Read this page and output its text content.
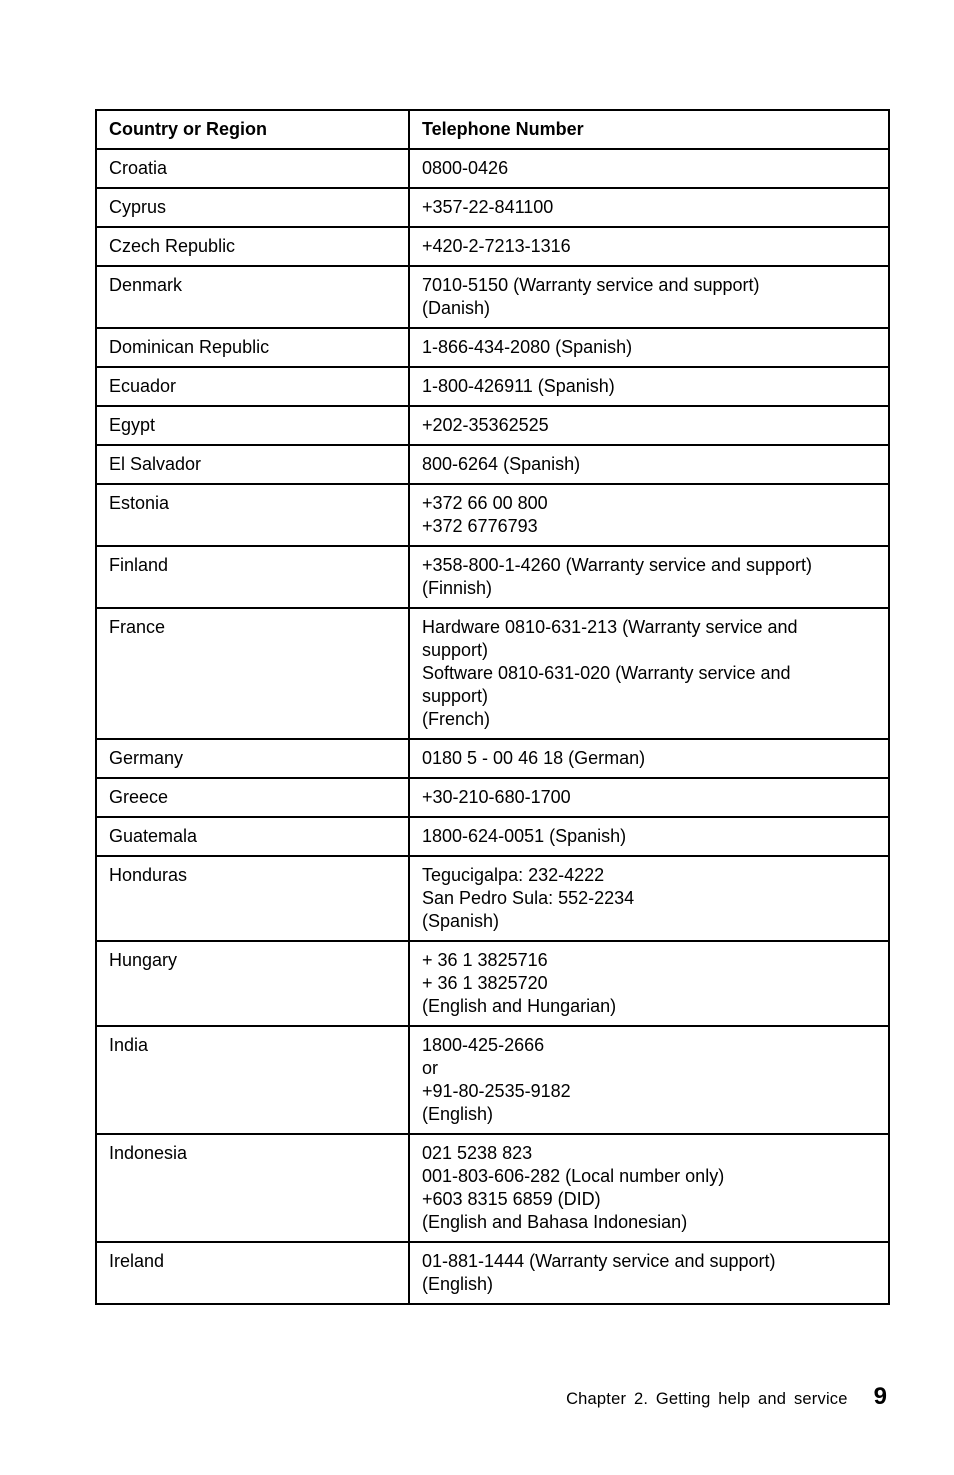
Country or Region	Telephone Number
Croatia	0800-0426

Cyprus	+357-22-841100

Czech Republic	+420-2-7213-1316

Denmark	7010-5150 (Warranty service and support)
(Danish)

Dominican Republic	1-866-434-2080 (Spanish)

Ecuador	1-800-426911 (Spanish)

Egypt	+202-35362525

El Salvador	800-6264 (Spanish)

Estonia	+372 66 00 800
+372 6776793

Finland	+358-800-1-4260 (Warranty service and support)
(Finnish)

France	Hardware 0810-631-213 (Warranty service and
support)
Software 0810-631-020 (Warranty service and
support)
(French)

Germany	0180 5 - 00 46 18 (German)

Greece	+30-210-680-1700

Guatemala	1800-624-0051 (Spanish)

Honduras	Tegucigalpa: 232-4222
San Pedro Sula: 552-2234
(Spanish)

Hungary	+ 36 1 3825716
+ 36 1 3825720
(English and Hungarian)

India	1800-425-2666
or
+91-80-2535-9182
(English)

Indonesia	021 5238 823
001-803-606-282 (Local number only)
+603 8315 6859 (DID)
(English and Bahasa Indonesian)

Ireland	01-881-1444 (Warranty service and support)
(English)
Chapter 2. Getting help and service 9
